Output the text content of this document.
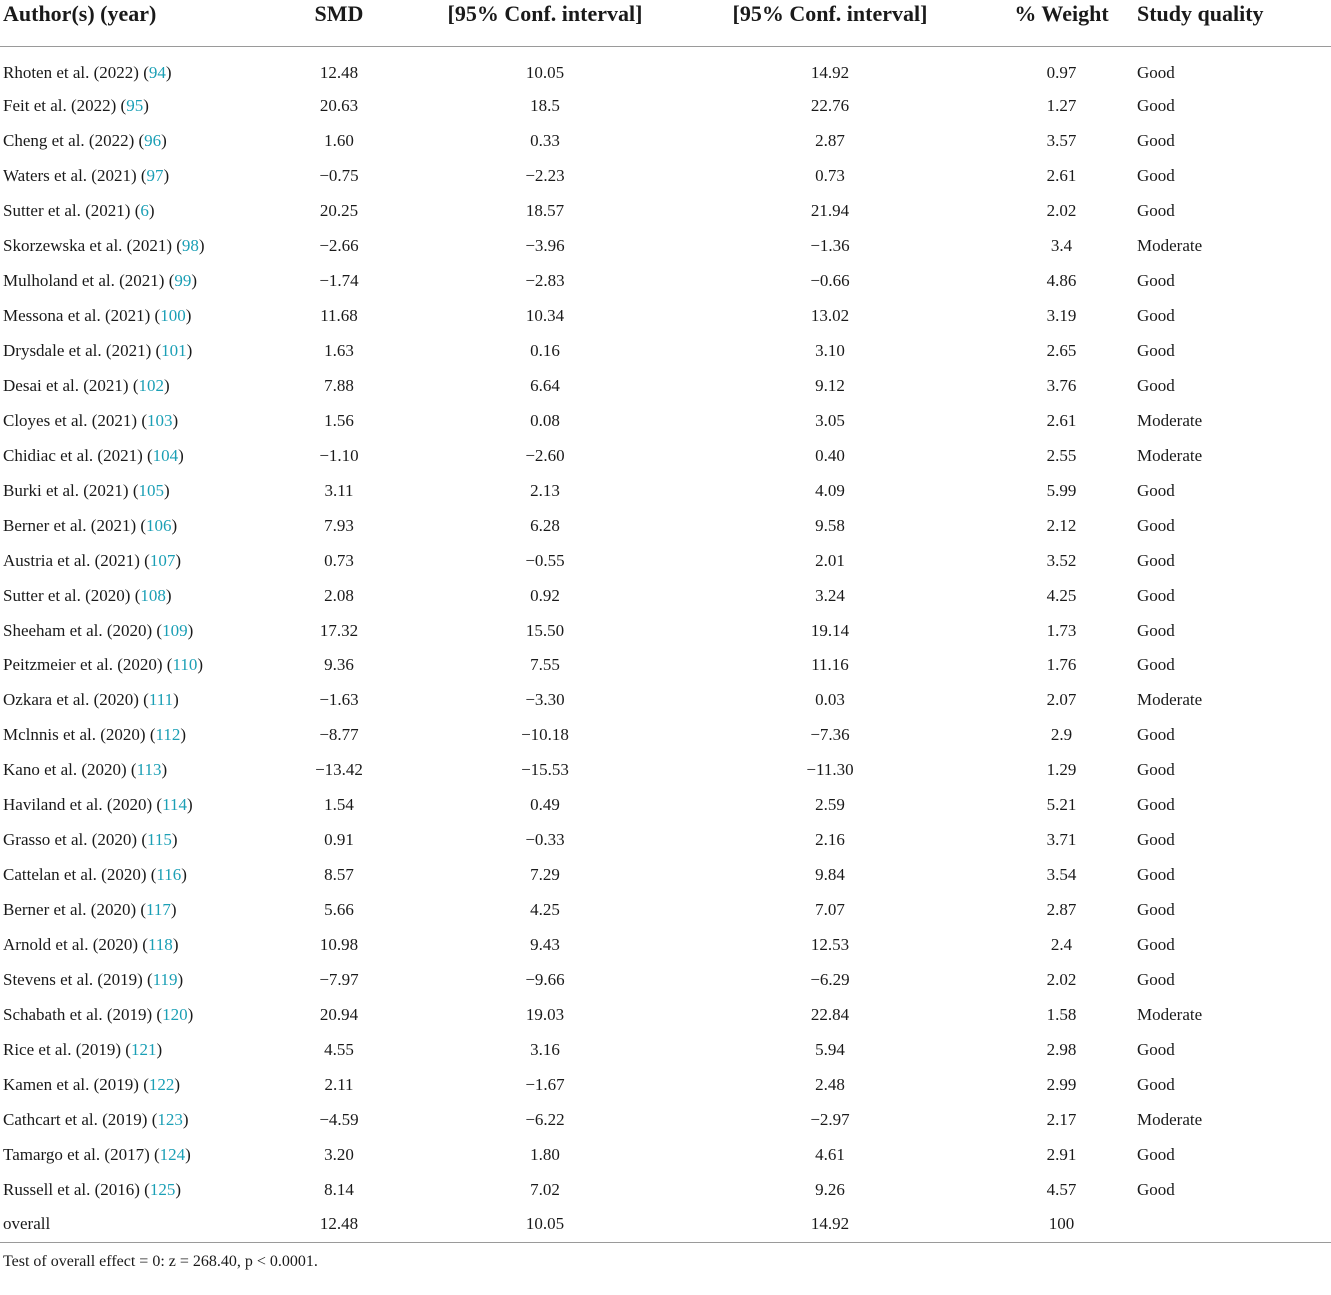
Author(s) (year)	SMD	[95% Conf. interval]	[95% Conf. interval]	% Weight	Study quality
Rhoten et al. (2022) (94)	12.48	10.05	14.92	0.97	Good
Feit et al. (2022) (95)	20.63	18.5	22.76	1.27	Good
Cheng et al. (2022) (96)	1.60	0.33	2.87	3.57	Good
Waters et al. (2021) (97)	−0.75	−2.23	0.73	2.61	Good
Sutter et al. (2021) (6)	20.25	18.57	21.94	2.02	Good
Skorzewska et al. (2021) (98)	−2.66	−3.96	−1.36	3.4	Moderate
Mulholand et al. (2021) (99)	−1.74	−2.83	−0.66	4.86	Good
Messona et al. (2021) (100)	11.68	10.34	13.02	3.19	Good
Drysdale et al. (2021) (101)	1.63	0.16	3.10	2.65	Good
Desai et al. (2021) (102)	7.88	6.64	9.12	3.76	Good
Cloyes et al. (2021) (103)	1.56	0.08	3.05	2.61	Moderate
Chidiac et al. (2021) (104)	−1.10	−2.60	0.40	2.55	Moderate
Burki et al. (2021) (105)	3.11	2.13	4.09	5.99	Good
Berner et al. (2021) (106)	7.93	6.28	9.58	2.12	Good
Austria et al. (2021) (107)	0.73	−0.55	2.01	3.52	Good
Sutter et al. (2020) (108)	2.08	0.92	3.24	4.25	Good
Sheeham et al. (2020) (109)	17.32	15.50	19.14	1.73	Good
Peitzmeier et al. (2020) (110)	9.36	7.55	11.16	1.76	Good
Ozkara et al. (2020) (111)	−1.63	−3.30	0.03	2.07	Moderate
Mclnnis et al. (2020) (112)	−8.77	−10.18	−7.36	2.9	Good
Kano et al. (2020) (113)	−13.42	−15.53	−11.30	1.29	Good
Haviland et al. (2020) (114)	1.54	0.49	2.59	5.21	Good
Grasso et al. (2020) (115)	0.91	−0.33	2.16	3.71	Good
Cattelan et al. (2020) (116)	8.57	7.29	9.84	3.54	Good
Berner et al. (2020) (117)	5.66	4.25	7.07	2.87	Good
Arnold et al. (2020) (118)	10.98	9.43	12.53	2.4	Good
Stevens et al. (2019) (119)	−7.97	−9.66	−6.29	2.02	Good
Schabath et al. (2019) (120)	20.94	19.03	22.84	1.58	Moderate
Rice et al. (2019) (121)	4.55	3.16	5.94	2.98	Good
Kamen et al. (2019) (122)	2.11	−1.67	2.48	2.99	Good
Cathcart et al. (2019) (123)	−4.59	−6.22	−2.97	2.17	Moderate
Tamargo et al. (2017) (124)	3.20	1.80	4.61	2.91	Good
Russell et al. (2016) (125)	8.14	7.02	9.26	4.57	Good
overall	12.48	10.05	14.92	100	
Test of overall effect = 0: z = 268.40, p < 0.0001.
